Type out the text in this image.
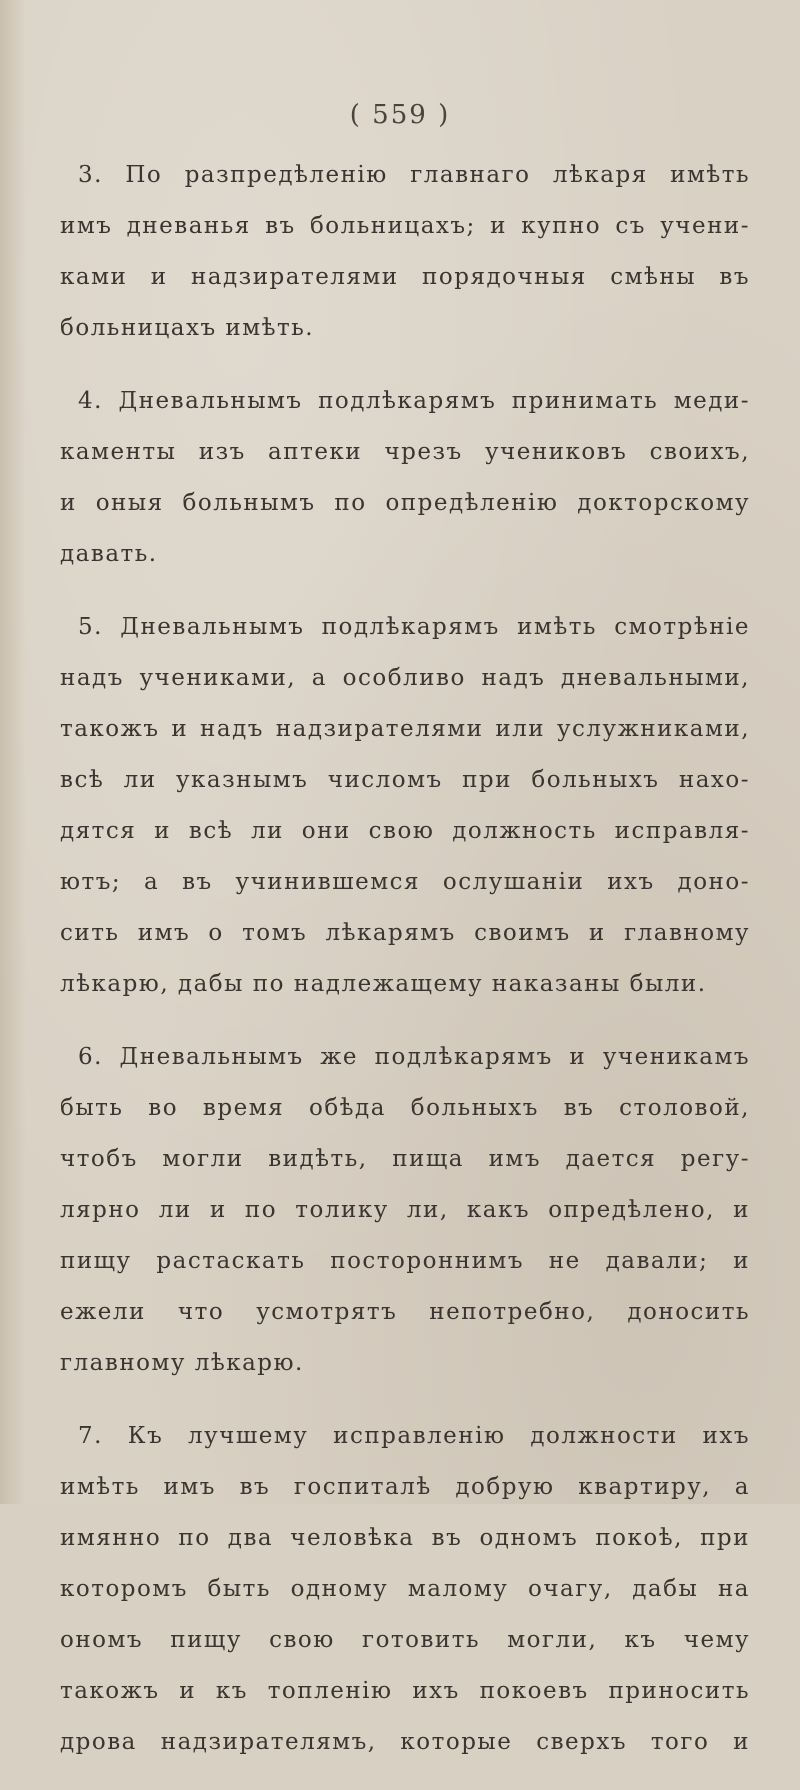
( 559 )
3. По разпредѣленію главнаго лѣкаря имѣть
имъ дневанья въ больницахъ; и купно съ учени-
ками и надзирателями порядочныя смѣны въ
больницахъ имѣть.
4. Дневальнымъ подлѣкарямъ принимать меди-
каменты изъ аптеки чрезъ учениковъ своихъ,
и оныя больнымъ по опредѣленію докторскому
давать.
5. Дневальнымъ подлѣкарямъ имѣть смотрѣніе
надъ учениками, а особливо надъ дневальными,
такожъ и надъ надзирателями или услужниками,
всѣ ли указнымъ числомъ при больныхъ нахо-
дятся и всѣ ли они свою должность исправля-
ютъ; а въ учинившемся ослушаніи ихъ доно-
сить имъ о томъ лѣкарямъ своимъ и главному
лѣкарю, дабы по надлежащему наказаны были.
6. Дневальнымъ же подлѣкарямъ и ученикамъ
быть во время обѣда больныхъ въ столовой,
чтобъ могли видѣть, пища имъ дается регу-
лярно ли и по толику ли, какъ опредѣлено, и
пищу растаскать постороннимъ не давали; и
ежели что усмотрятъ непотребно, доносить
главному лѣкарю.
7. Къ лучшему исправленію должности ихъ
имѣть имъ въ госпиталѣ добрую квартиру, а
имянно по два человѣка въ одномъ покоѣ, при
которомъ быть одному малому очагу, дабы на
ономъ пищу свою готовить могли, къ чему
такожъ и къ топленію ихъ покоевъ приносить
дрова надзирателямъ, которые сверхъ того и
